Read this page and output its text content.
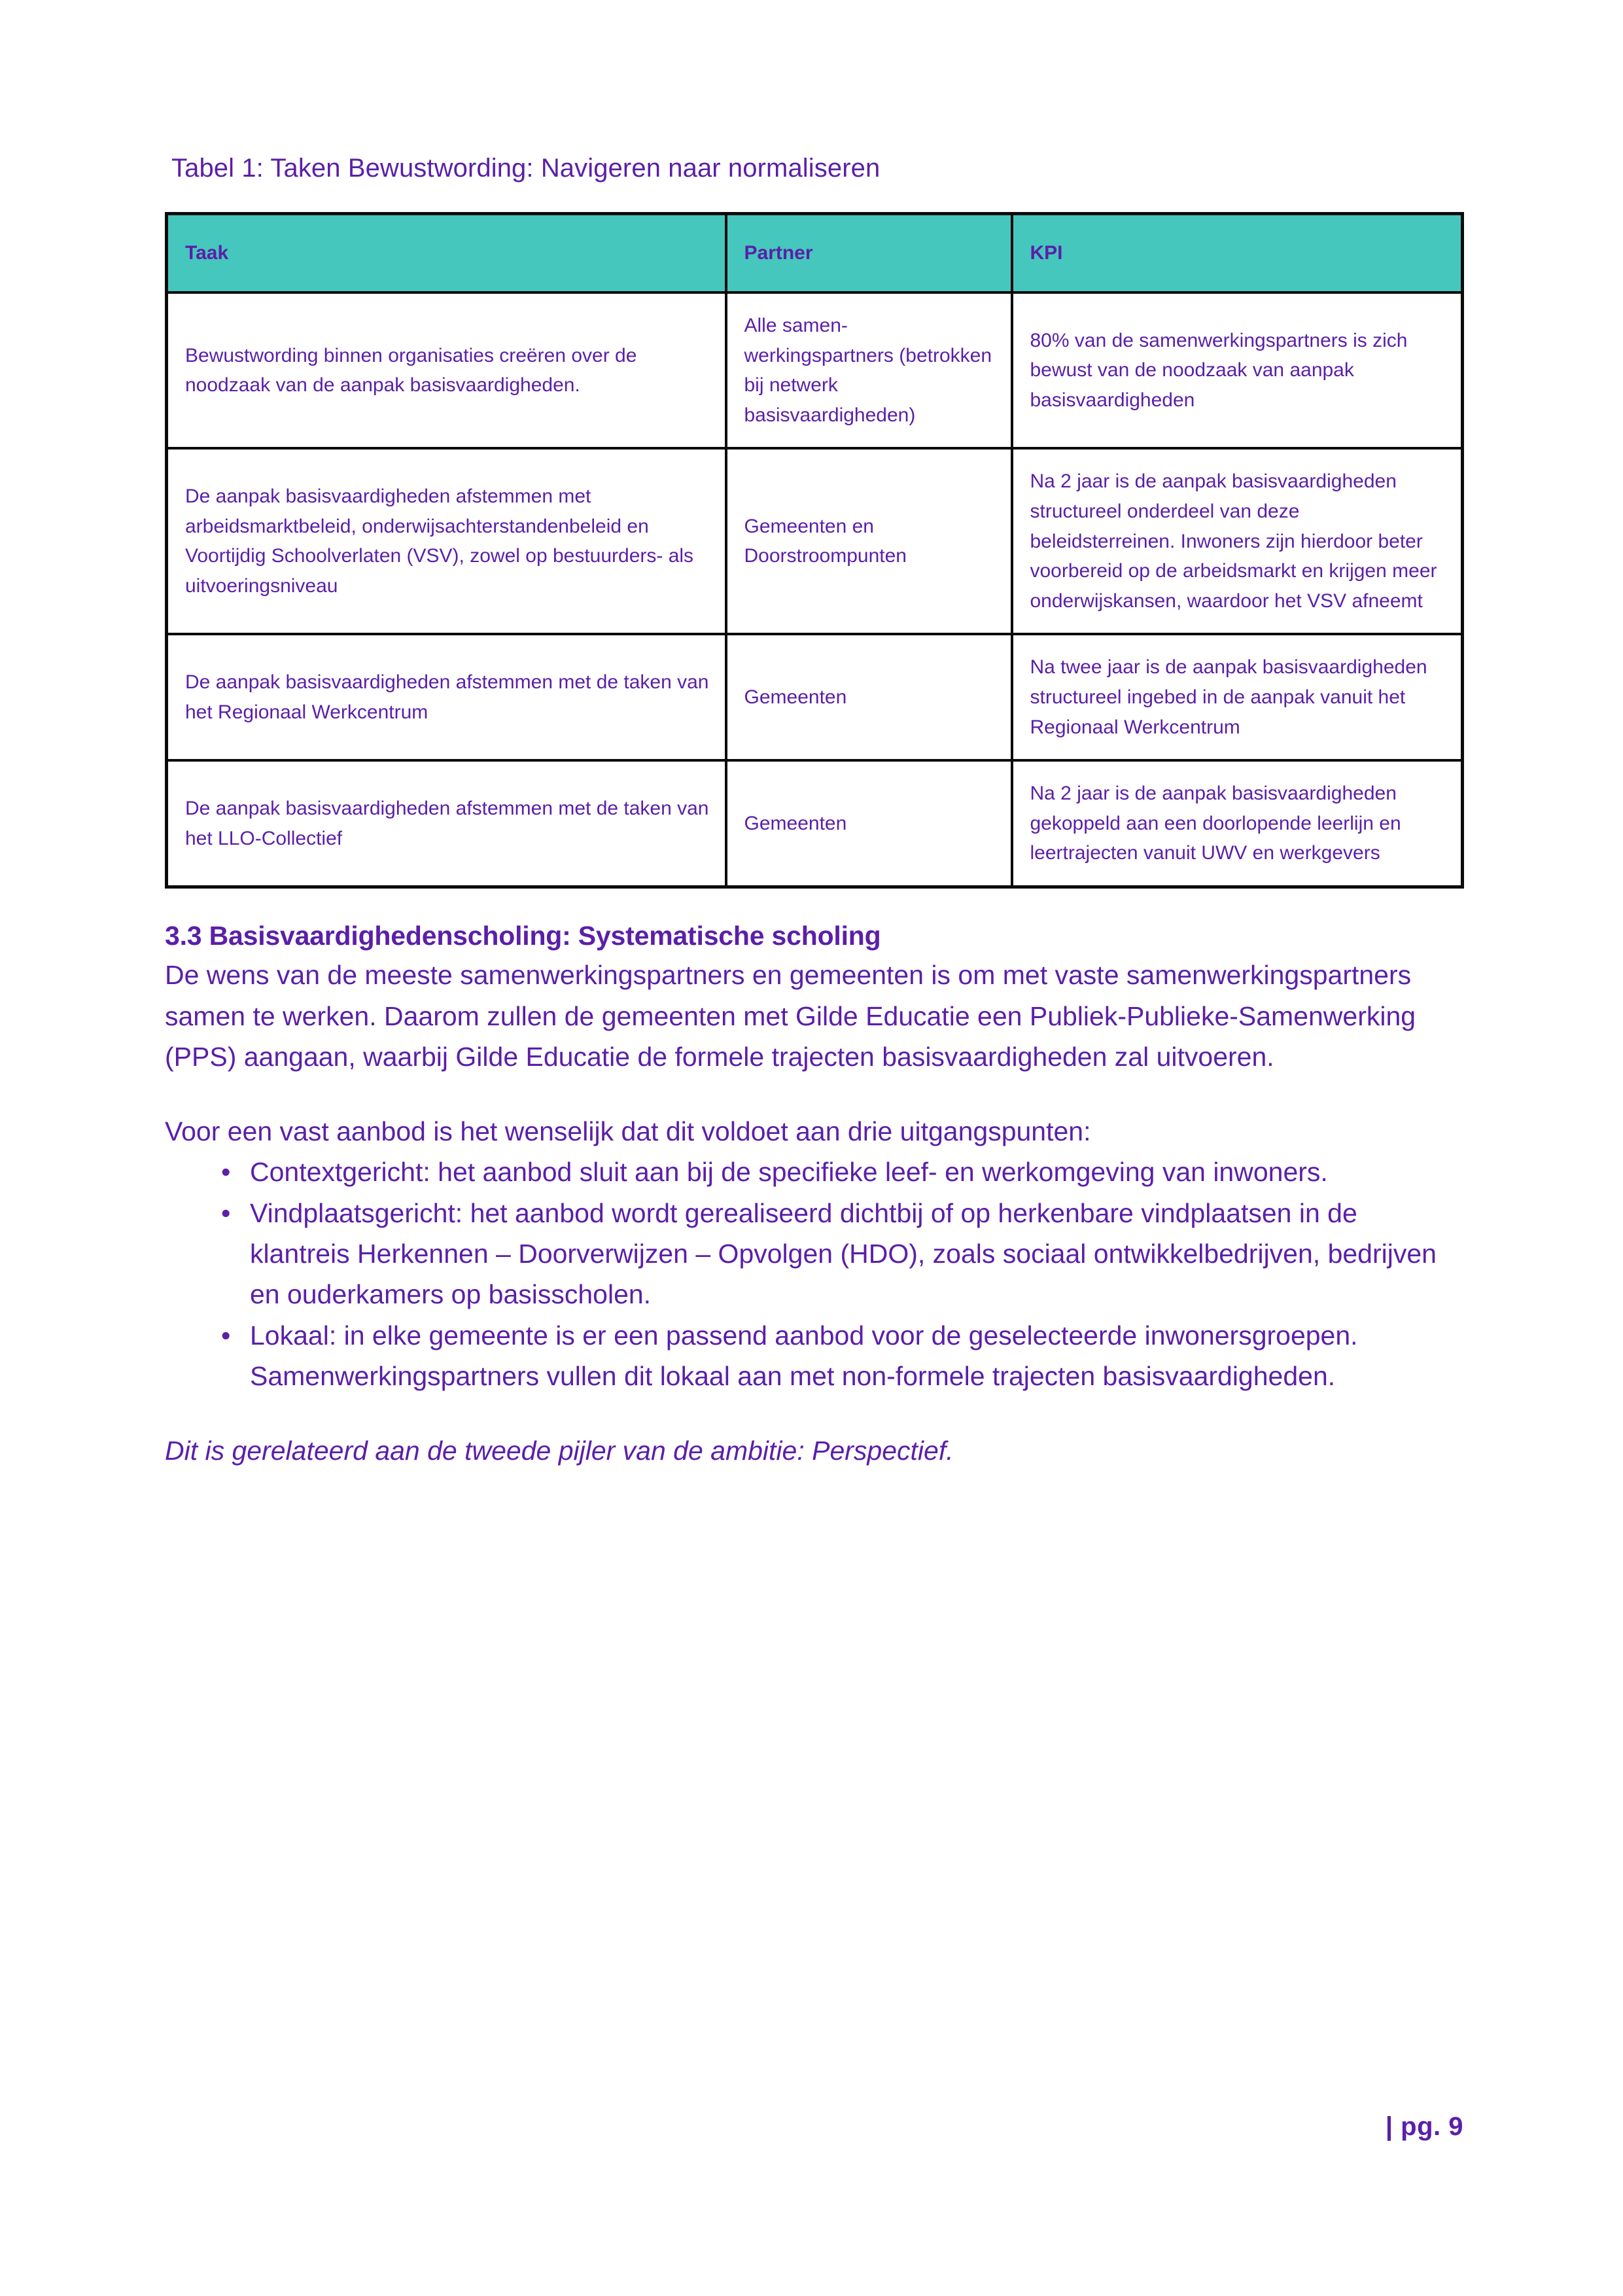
Tabel 1: Taken Bewustwording: Navigeren naar normaliseren
Taak	Partner	KPI
Bewustwording binnen organisaties creëren over de noodzaak van de aanpak basisvaardigheden.	Alle samen-werkingspartners (betrokken bij netwerk basisvaardigheden)	80% van de samenwerkingspartners is zich bewust van de noodzaak van aanpak basisvaardigheden
De aanpak basisvaardigheden afstemmen met arbeidsmarktbeleid, onderwijsachterstandenbeleid en Voortijdig Schoolverlaten (VSV), zowel op bestuurders- als uitvoeringsniveau	Gemeenten en Doorstroompunten	Na 2 jaar is de aanpak basisvaardigheden structureel onderdeel van deze beleidsterreinen. Inwoners zijn hierdoor beter voorbereid op de arbeidsmarkt en krijgen meer onderwijskansen, waardoor het VSV afneemt
De aanpak basisvaardigheden afstemmen met de taken van het Regionaal Werkcentrum	Gemeenten	Na twee jaar is de aanpak basisvaardigheden structureel ingebed in de aanpak vanuit het Regionaal Werkcentrum
De aanpak basisvaardigheden afstemmen met de taken van het LLO-Collectief	Gemeenten	Na 2 jaar is de aanpak basisvaardigheden gekoppeld aan een doorlopende leerlijn en leertrajecten vanuit UWV en werkgevers
3.3 Basisvaardighedenscholing: Systematische scholing

De wens van de meeste samenwerkingspartners en gemeenten is om met vaste samenwerkingspartners samen te werken. Daarom zullen de gemeenten met Gilde Educatie een Publiek-Publieke-Samenwerking (PPS) aangaan, waarbij Gilde Educatie de formele trajecten basisvaardigheden zal uitvoeren.

Voor een vast aanbod is het wenselijk dat dit voldoet aan drie uitgangspunten:

• Contextgericht: het aanbod sluit aan bij de specifieke leef- en werkomgeving van inwoners.
• Vindplaatsgericht: het aanbod wordt gerealiseerd dichtbij of op herkenbare vindplaatsen in de klantreis Herkennen – Doorverwijzen – Opvolgen (HDO), zoals sociaal ontwikkelbedrijven, bedrijven en ouderkamers op basisscholen.
• Lokaal: in elke gemeente is er een passend aanbod voor de geselecteerde inwonersgroepen. Samenwerkingspartners vullen dit lokaal aan met non-formele trajecten basisvaardigheden.

Dit is gerelateerd aan de tweede pijler van de ambitie: Perspectief.

| pg. 9
